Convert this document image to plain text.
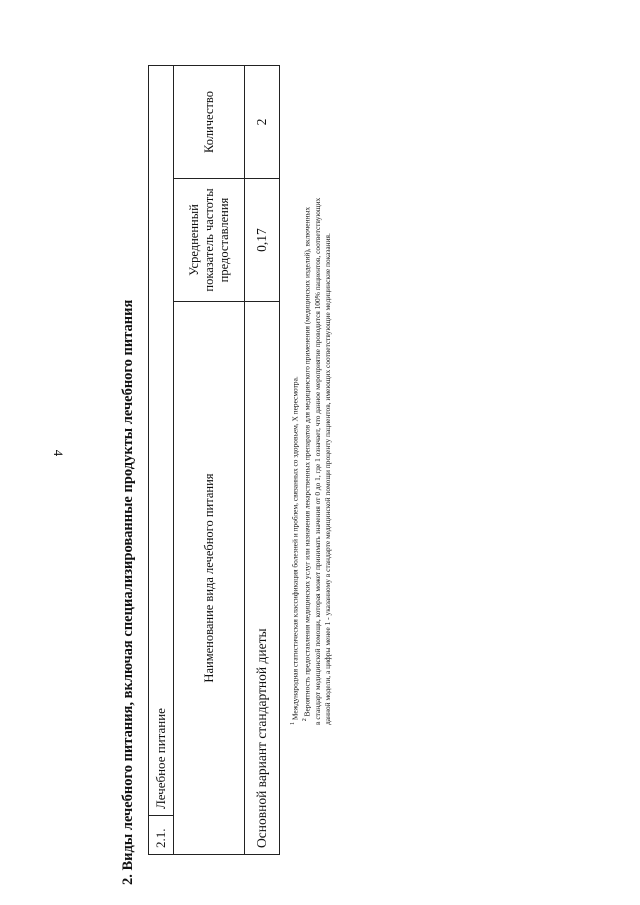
4	2. Виды лечебного питания, включая специализированные продукты лечебного питания 2.1.	Лечебное питание		
Наименование вида лечебного питания		Усредненный показатель частоты предоставления	Количество
Основной вариант стандартной диеты		0,17	2

$^1$ Международная статистическая классификация болезней и проблем, связанных со здоровьем, X пересмотра. $^2$ Вероятность предоставления медицинских услуг или назначения лекарственных препаратов для медицинского применения (медицинских изделий), включенных в стандарт медицинской помощи, которая может принимать значения от 0 до 1, где 1 означает, что данное мероприятие проводится 100% пациентов, соответствующих данной модели, а цифры менее 1 - указанному в стандарте медицинской помощи проценту пациентов, имеющих соответствующие медицинские показания.
